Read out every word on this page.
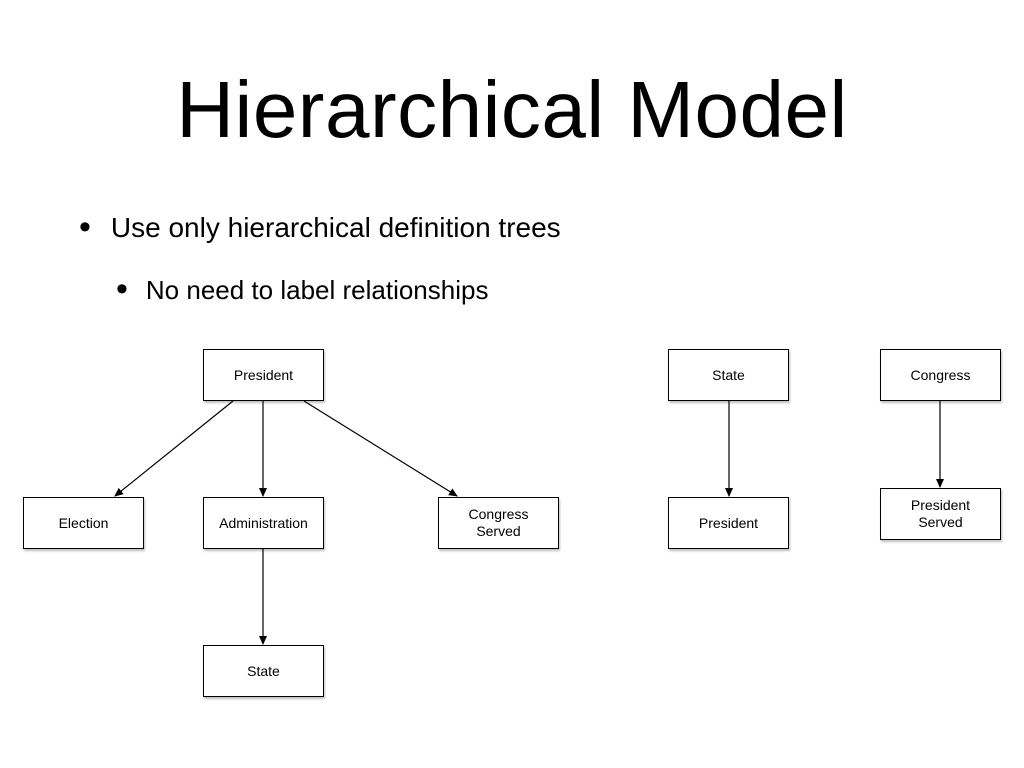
Hierarchical Model
• Use only hierarchical definition trees
• No need to label relationships
President
Election	Administration
Congress
Served
State
State
President
Congress
President
Served
